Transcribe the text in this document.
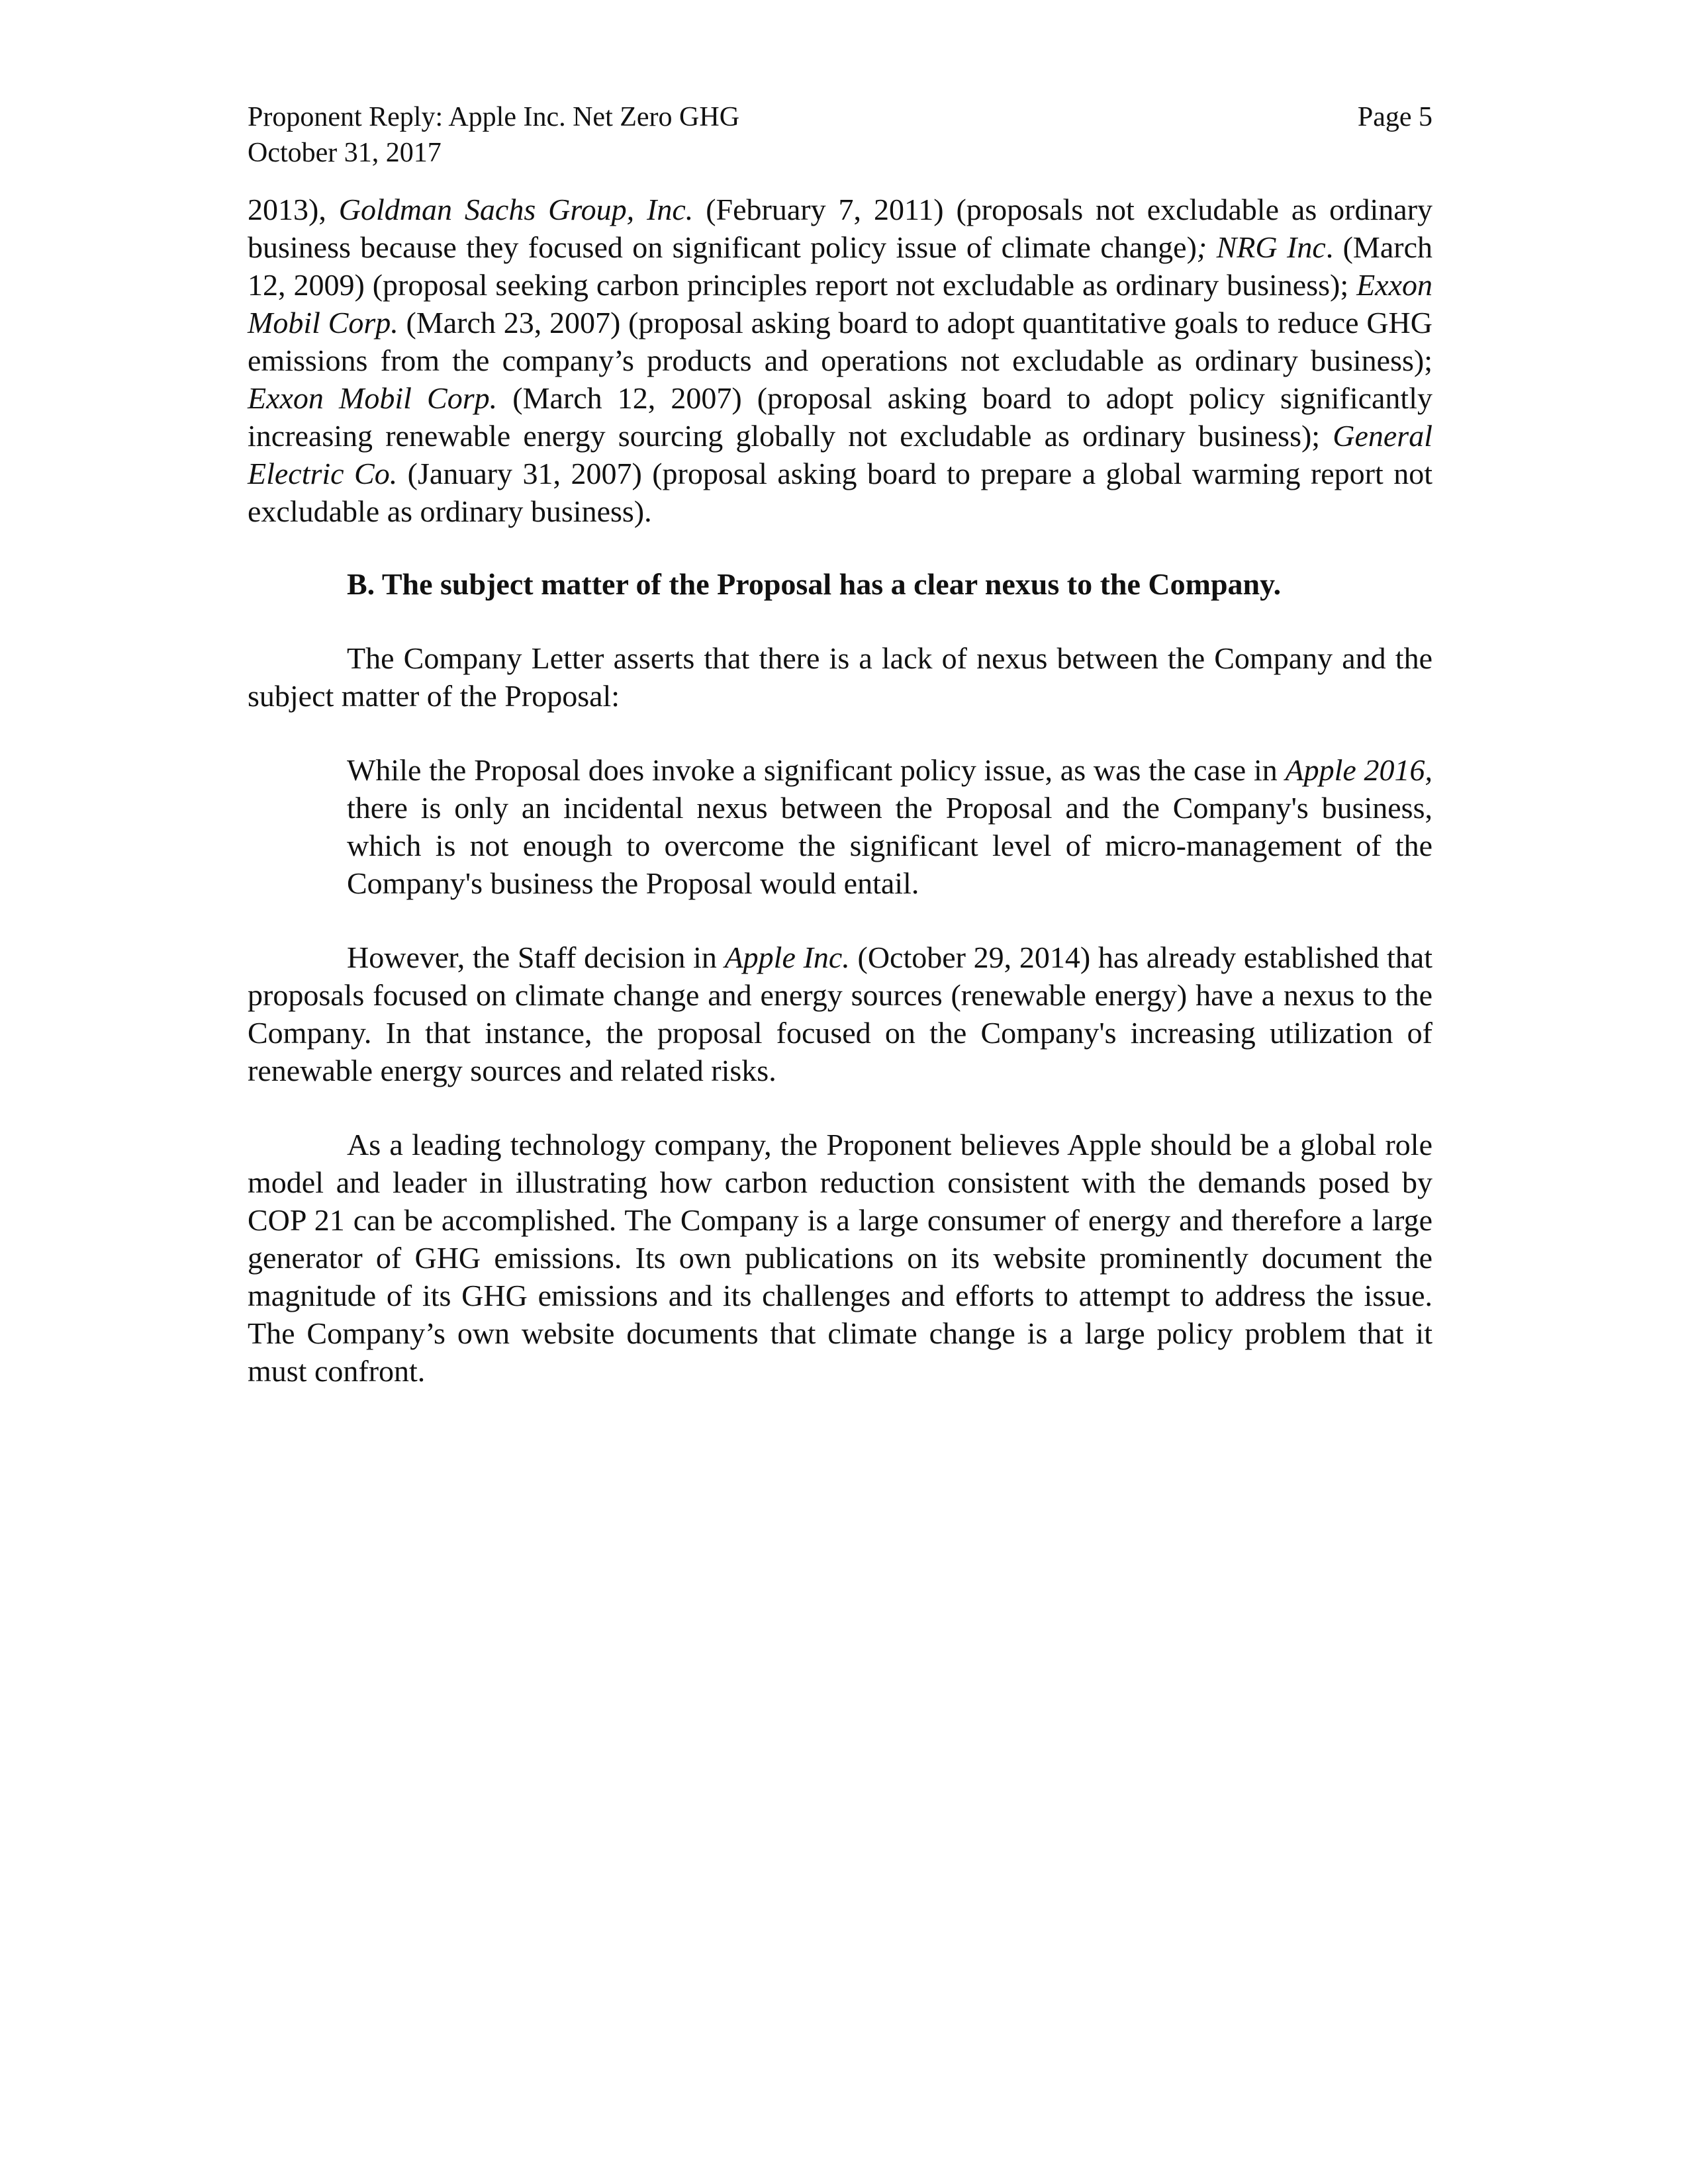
Proponent Reply: Apple Inc. Net Zero GHG
October 31, 2017
Page 5

2013), Goldman Sachs Group, Inc. (February 7, 2011) (proposals not excludable as ordinary business because they focused on significant policy issue of climate change); NRG Inc. (March 12, 2009) (proposal seeking carbon principles report not excludable as ordinary business); Exxon Mobil Corp. (March 23, 2007) (proposal asking board to adopt quantitative goals to reduce GHG emissions from the company’s products and operations not excludable as ordinary business); Exxon Mobil Corp. (March 12, 2007) (proposal asking board to adopt policy significantly increasing renewable energy sourcing globally not excludable as ordinary business); General Electric Co. (January 31, 2007) (proposal asking board to prepare a global warming report not excludable as ordinary business).

B. The subject matter of the Proposal has a clear nexus to the Company.

The Company Letter asserts that there is a lack of nexus between the Company and the subject matter of the Proposal:

While the Proposal does invoke a significant policy issue, as was the case in Apple 2016, there is only an incidental nexus between the Proposal and the Company's business, which is not enough to overcome the significant level of micro-management of the Company's business the Proposal would entail.

However, the Staff decision in Apple Inc. (October 29, 2014) has already established that proposals focused on climate change and energy sources (renewable energy) have a nexus to the Company. In that instance, the proposal focused on the Company's increasing utilization of renewable energy sources and related risks.

As a leading technology company, the Proponent believes Apple should be a global role model and leader in illustrating how carbon reduction consistent with the demands posed by COP 21 can be accomplished. The Company is a large consumer of energy and therefore a large generator of GHG emissions. Its own publications on its website prominently document the magnitude of its GHG emissions and its challenges and efforts to attempt to address the issue. The Company’s own website documents that climate change is a large policy problem that it must confront.
